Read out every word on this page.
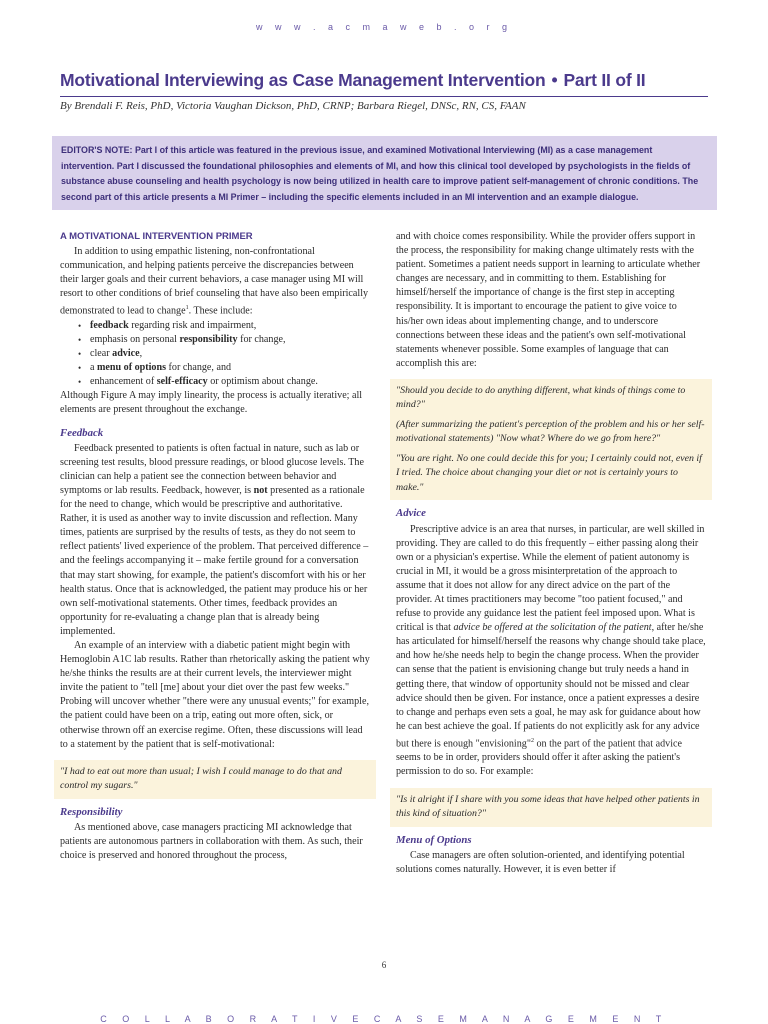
w w w . a c m a w e b . o r g
Motivational Interviewing as Case Management Intervention • Part II of II
By Brendali F. Reis, PhD, Victoria Vaughan Dickson, PhD, CRNP; Barbara Riegel, DNSc, RN, CS, FAAN
EDITOR'S NOTE: Part I of this article was featured in the previous issue, and examined Motivational Interviewing (MI) as a case management intervention. Part I discussed the foundational philosophies and elements of MI, and how this clinical tool developed by psychologists in the fields of substance abuse counseling and health psychology is now being utilized in health care to improve patient self-management of chronic conditions. The second part of this article presents a MI Primer – including the specific elements included in an MI intervention and an example dialogue.
A MOTIVATIONAL INTERVENTION PRIMER

In addition to using empathic listening, non-confrontational communication, and helping patients perceive the discrepancies between their larger goals and their current behaviors, a case manager using MI will resort to other conditions of brief counseling that have also been empirically demonstrated to lead to change$^1$. These include:

• feedback regarding risk and impairment,
• emphasis on personal responsibility for change,
• clear advice,
• a menu of options for change, and
• enhancement of self-efficacy or optimism about change.

Although Figure A may imply linearity, the process is actually iterative; all elements are present throughout the exchange.

Feedback

Feedback presented to patients is often factual in nature, such as lab or screening test results, blood pressure readings, or blood glucose levels. The clinician can help a patient see the connection between behavior and symptoms or lab results. Feedback, however, is not presented as a rationale for the need to change, which would be prescriptive and authoritative. Rather, it is used as another way to invite discussion and reflection. Many times, patients are surprised by the results of tests, as they do not seem to reflect patients' lived experience of the problem. That perceived difference – and the feelings accompanying it – make fertile ground for a conversation that may start showing, for example, the patient's discomfort with his or her health status. Once that is acknowledged, the patient may produce his or her own self-motivational statements. Other times, feedback provides an opportunity for re-evaluating a change plan that is already being implemented.

An example of an interview with a diabetic patient might begin with Hemoglobin A1C lab results. Rather than rhetorically asking the patient why he/she thinks the results are at their current levels, the interviewer might invite the patient to "tell [me] about your diet over the past few weeks." Probing will uncover whether "there were any unusual events;" for example, the patient could have been on a trip, eating out more often, sick, or otherwise thrown off an exercise regime. Often, these discussions will lead to a statement by the patient that is self-motivational:

"I had to eat out more than usual; I wish I could manage to do that and control my sugars."

Responsibility

As mentioned above, case managers practicing MI acknowledge that patients are autonomous partners in collaboration with them. As such, their choice is preserved and honored throughout the process,

and with choice comes responsibility. While the provider offers support in the process, the responsibility for making change ultimately rests with the patient. Sometimes a patient needs support in learning to articulate whether changes are necessary, and in committing to them. Establishing for himself/herself the importance of change is the first step in accepting responsibility. It is important to encourage the patient to give voice to his/her own ideas about implementing change, and to underscore connections between these ideas and the patient's own self-motivational statements whenever possible. Some examples of language that can accomplish this are:

"Should you decide to do anything different, what kinds of things come to mind?"

(After summarizing the patient's perception of the problem and his or her self-motivational statements) "Now what? Where do we go from here?"

"You are right. No one could decide this for you; I certainly could not, even if I tried. The choice about changing your diet or not is certainly yours to make."

Advice

Prescriptive advice is an area that nurses, in particular, are well skilled in providing. They are called to do this frequently – either passing along their own or a physician's expertise. While the element of patient autonomy is crucial in MI, it would be a gross misinterpretation of the approach to assume that it does not allow for any direct advice on the part of the provider. At times practitioners may become "too patient focused," and refuse to provide any guidance lest the patient feel imposed upon. What is critical is that advice be offered at the solicitation of the patient, after he/she has articulated for himself/herself the reasons why change should take place, and how he/she needs help to begin the change process. When the provider can sense that the patient is envisioning change but truly needs a hand in getting there, that window of opportunity should not be missed and clear advice should then be given. For instance, once a patient expresses a desire to change and perhaps even sets a goal, he may ask for guidance about how he can best achieve the goal. If patients do not explicitly ask for any advice but there is enough "envisioning"$^2$ on the part of the patient that advice seems to be in order, providers should offer it after asking the patient's permission to do so. For example:

"Is it alright if I share with you some ideas that have helped other patients in this kind of situation?"

Menu of Options

Case managers are often solution-oriented, and identifying potential solutions comes naturally. However, it is even better if

6
C O L L A B O R A T I V E C A S E M A N A G E M E N T
